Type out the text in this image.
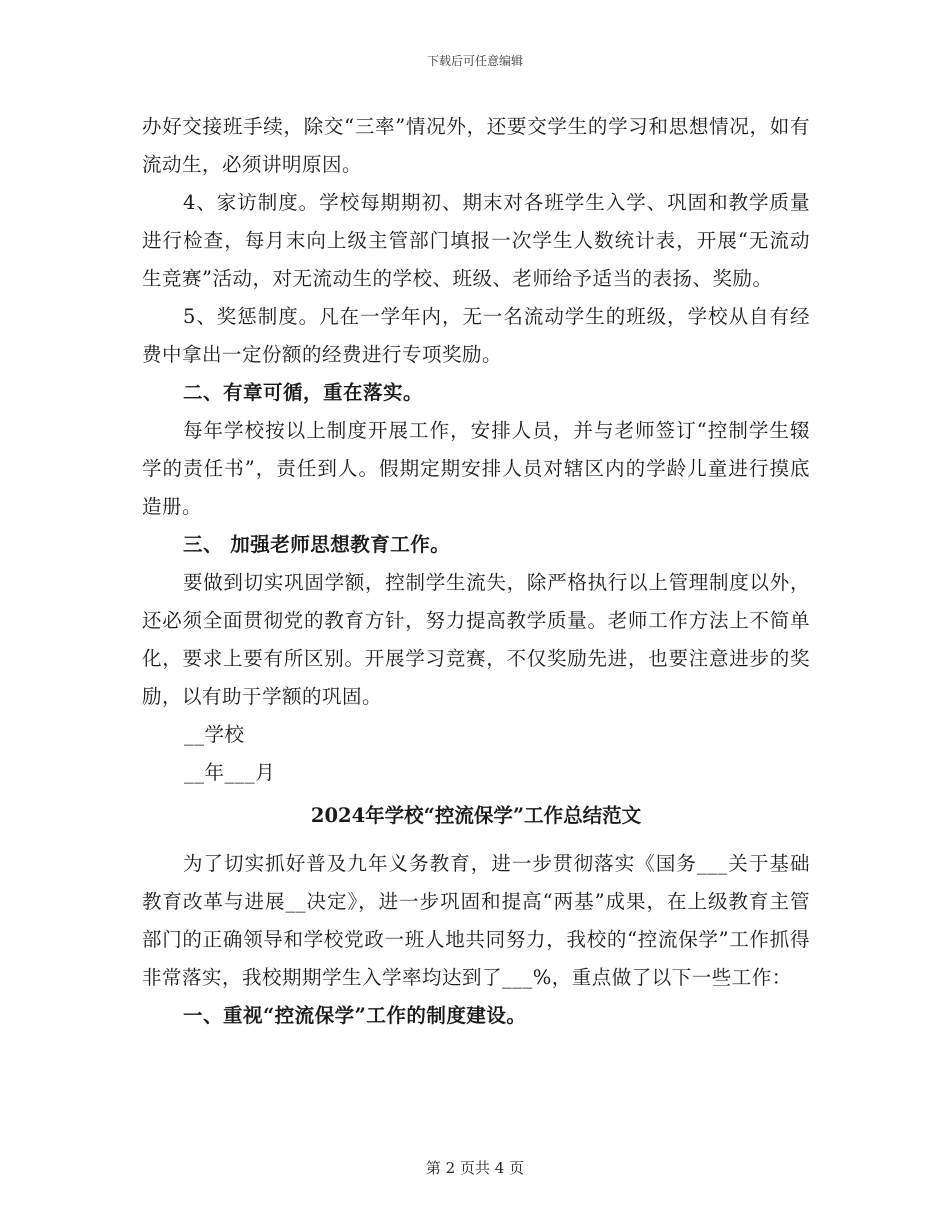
下载后可任意编辑

办好交接班手续，除交“三率”情况外，还要交学生的学习和思想情况，如有流动生，必须讲明原因。

4、家访制度。学校每期期初、期末对各班学生入学、巩固和教学质量进行检查，每月末向上级主管部门填报一次学生人数统计表，开展“无流动生竞赛”活动，对无流动生的学校、班级、老师给予适当的表扬、奖励。

5、奖惩制度。凡在一学年内，无一名流动学生的班级，学校从自有经费中拿出一定份额的经费进行专项奖励。

二、有章可循，重在落实。

每年学校按以上制度开展工作，安排人员，并与老师签订“控制学生辍学的责任书”，责任到人。假期定期安排人员对辖区内的学龄儿童进行摸底造册。

三、 加强老师思想教育工作。

要做到切实巩固学额，控制学生流失，除严格执行以上管理制度以外，还必须全面贯彻党的教育方针，努力提高教学质量。老师工作方法上不简单化，要求上要有所区别。开展学习竞赛，不仅奖励先进，也要注意进步的奖励，以有助于学额的巩固。

__学校

__年___月

2024年学校“控流保学”工作总结范文

为了切实抓好普及九年义务教育，进一步贯彻落实《国务___关于基础教育改革与进展__决定》，进一步巩固和提高“两基”成果，在上级教育主管部门的正确领导和学校党政一班人地共同努力，我校的“控流保学”工作抓得非常落实，我校期期学生入学率均达到了___%，重点做了以下一些工作：

一、重视“控流保学”工作的制度建设。

第 2 页共 4 页
